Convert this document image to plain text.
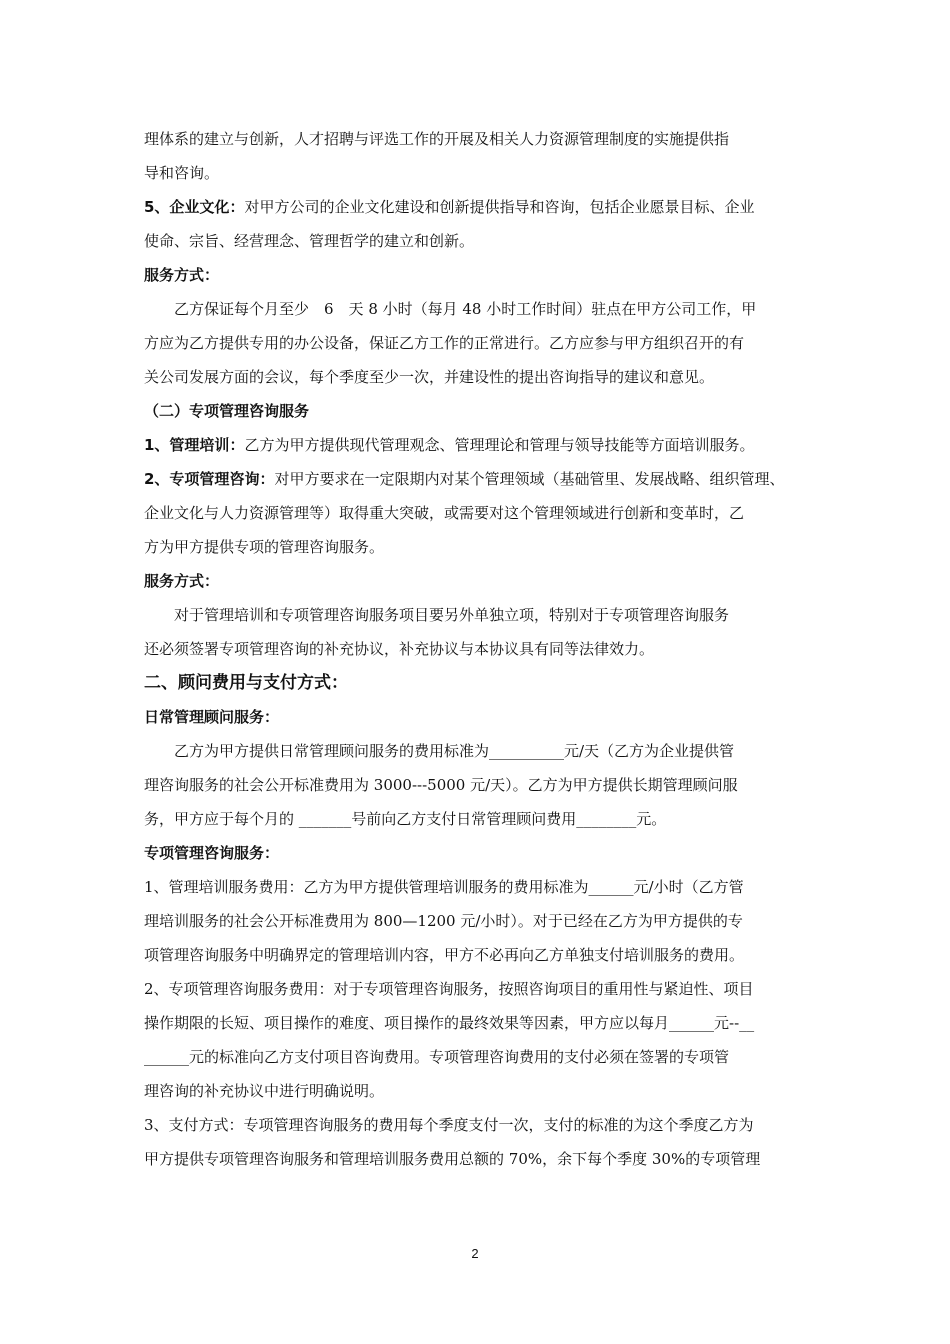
理体系的建立与创新，人才招聘与评选工作的开展及相关人力资源管理制度的实施提供指

导和咨询。

5、企业文化：对甲方公司的企业文化建设和创新提供指导和咨询，包括企业愿景目标、企业

使命、宗旨、经营理念、管理哲学的建立和创新。

服务方式：

乙方保证每个月至少　6　天 8 小时（每月 48 小时工作时间）驻点在甲方公司工作，甲

方应为乙方提供专用的办公设备，保证乙方工作的正常进行。乙方应参与甲方组织召开的有

关公司发展方面的会议，每个季度至少一次，并建设性的提出咨询指导的建议和意见。

（二）专项管理咨询服务

1、管理培训：乙方为甲方提供现代管理观念、管理理论和管理与领导技能等方面培训服务。

2、专项管理咨询：对甲方要求在一定限期内对某个管理领域（基础管里、发展战略、组织管理、

企业文化与人力资源管理等）取得重大突破，或需要对这个管理领域进行创新和变革时，乙

方为甲方提供专项的管理咨询服务。

服务方式：

对于管理培训和专项管理咨询服务项目要另外单独立项，特别对于专项管理咨询服务

还必须签署专项管理咨询的补充协议，补充协议与本协议具有同等法律效力。

二、顾问费用与支付方式：

日常管理顾问服务：

乙方为甲方提供日常管理顾问服务的费用标准为__________元/天（乙方为企业提供管

理咨询服务的社会公开标准费用为 3000---5000 元/天）。乙方为甲方提供长期管理顾问服

务，甲方应于每个月的 _______号前向乙方支付日常管理顾问费用________元。

专项管理咨询服务：

1、管理培训服务费用：乙方为甲方提供管理培训服务的费用标准为______元/小时（乙方管

理培训服务的社会公开标准费用为 800—1200 元/小时）。对于已经在乙方为甲方提供的专

项管理咨询服务中明确界定的管理培训内容，甲方不必再向乙方单独支付培训服务的费用。

2、专项管理咨询服务费用：对于专项管理咨询服务，按照咨询项目的重用性与紧迫性、项目

操作期限的长短、项目操作的难度、项目操作的最终效果等因素，甲方应以每月______元--__

______元的标准向乙方支付项目咨询费用。专项管理咨询费用的支付必须在签署的专项管

理咨询的补充协议中进行明确说明。

3、支付方式：专项管理咨询服务的费用每个季度支付一次，支付的标准的为这个季度乙方为

甲方提供专项管理咨询服务和管理培训服务费用总额的 70%，余下每个季度 30%的专项管理

2
